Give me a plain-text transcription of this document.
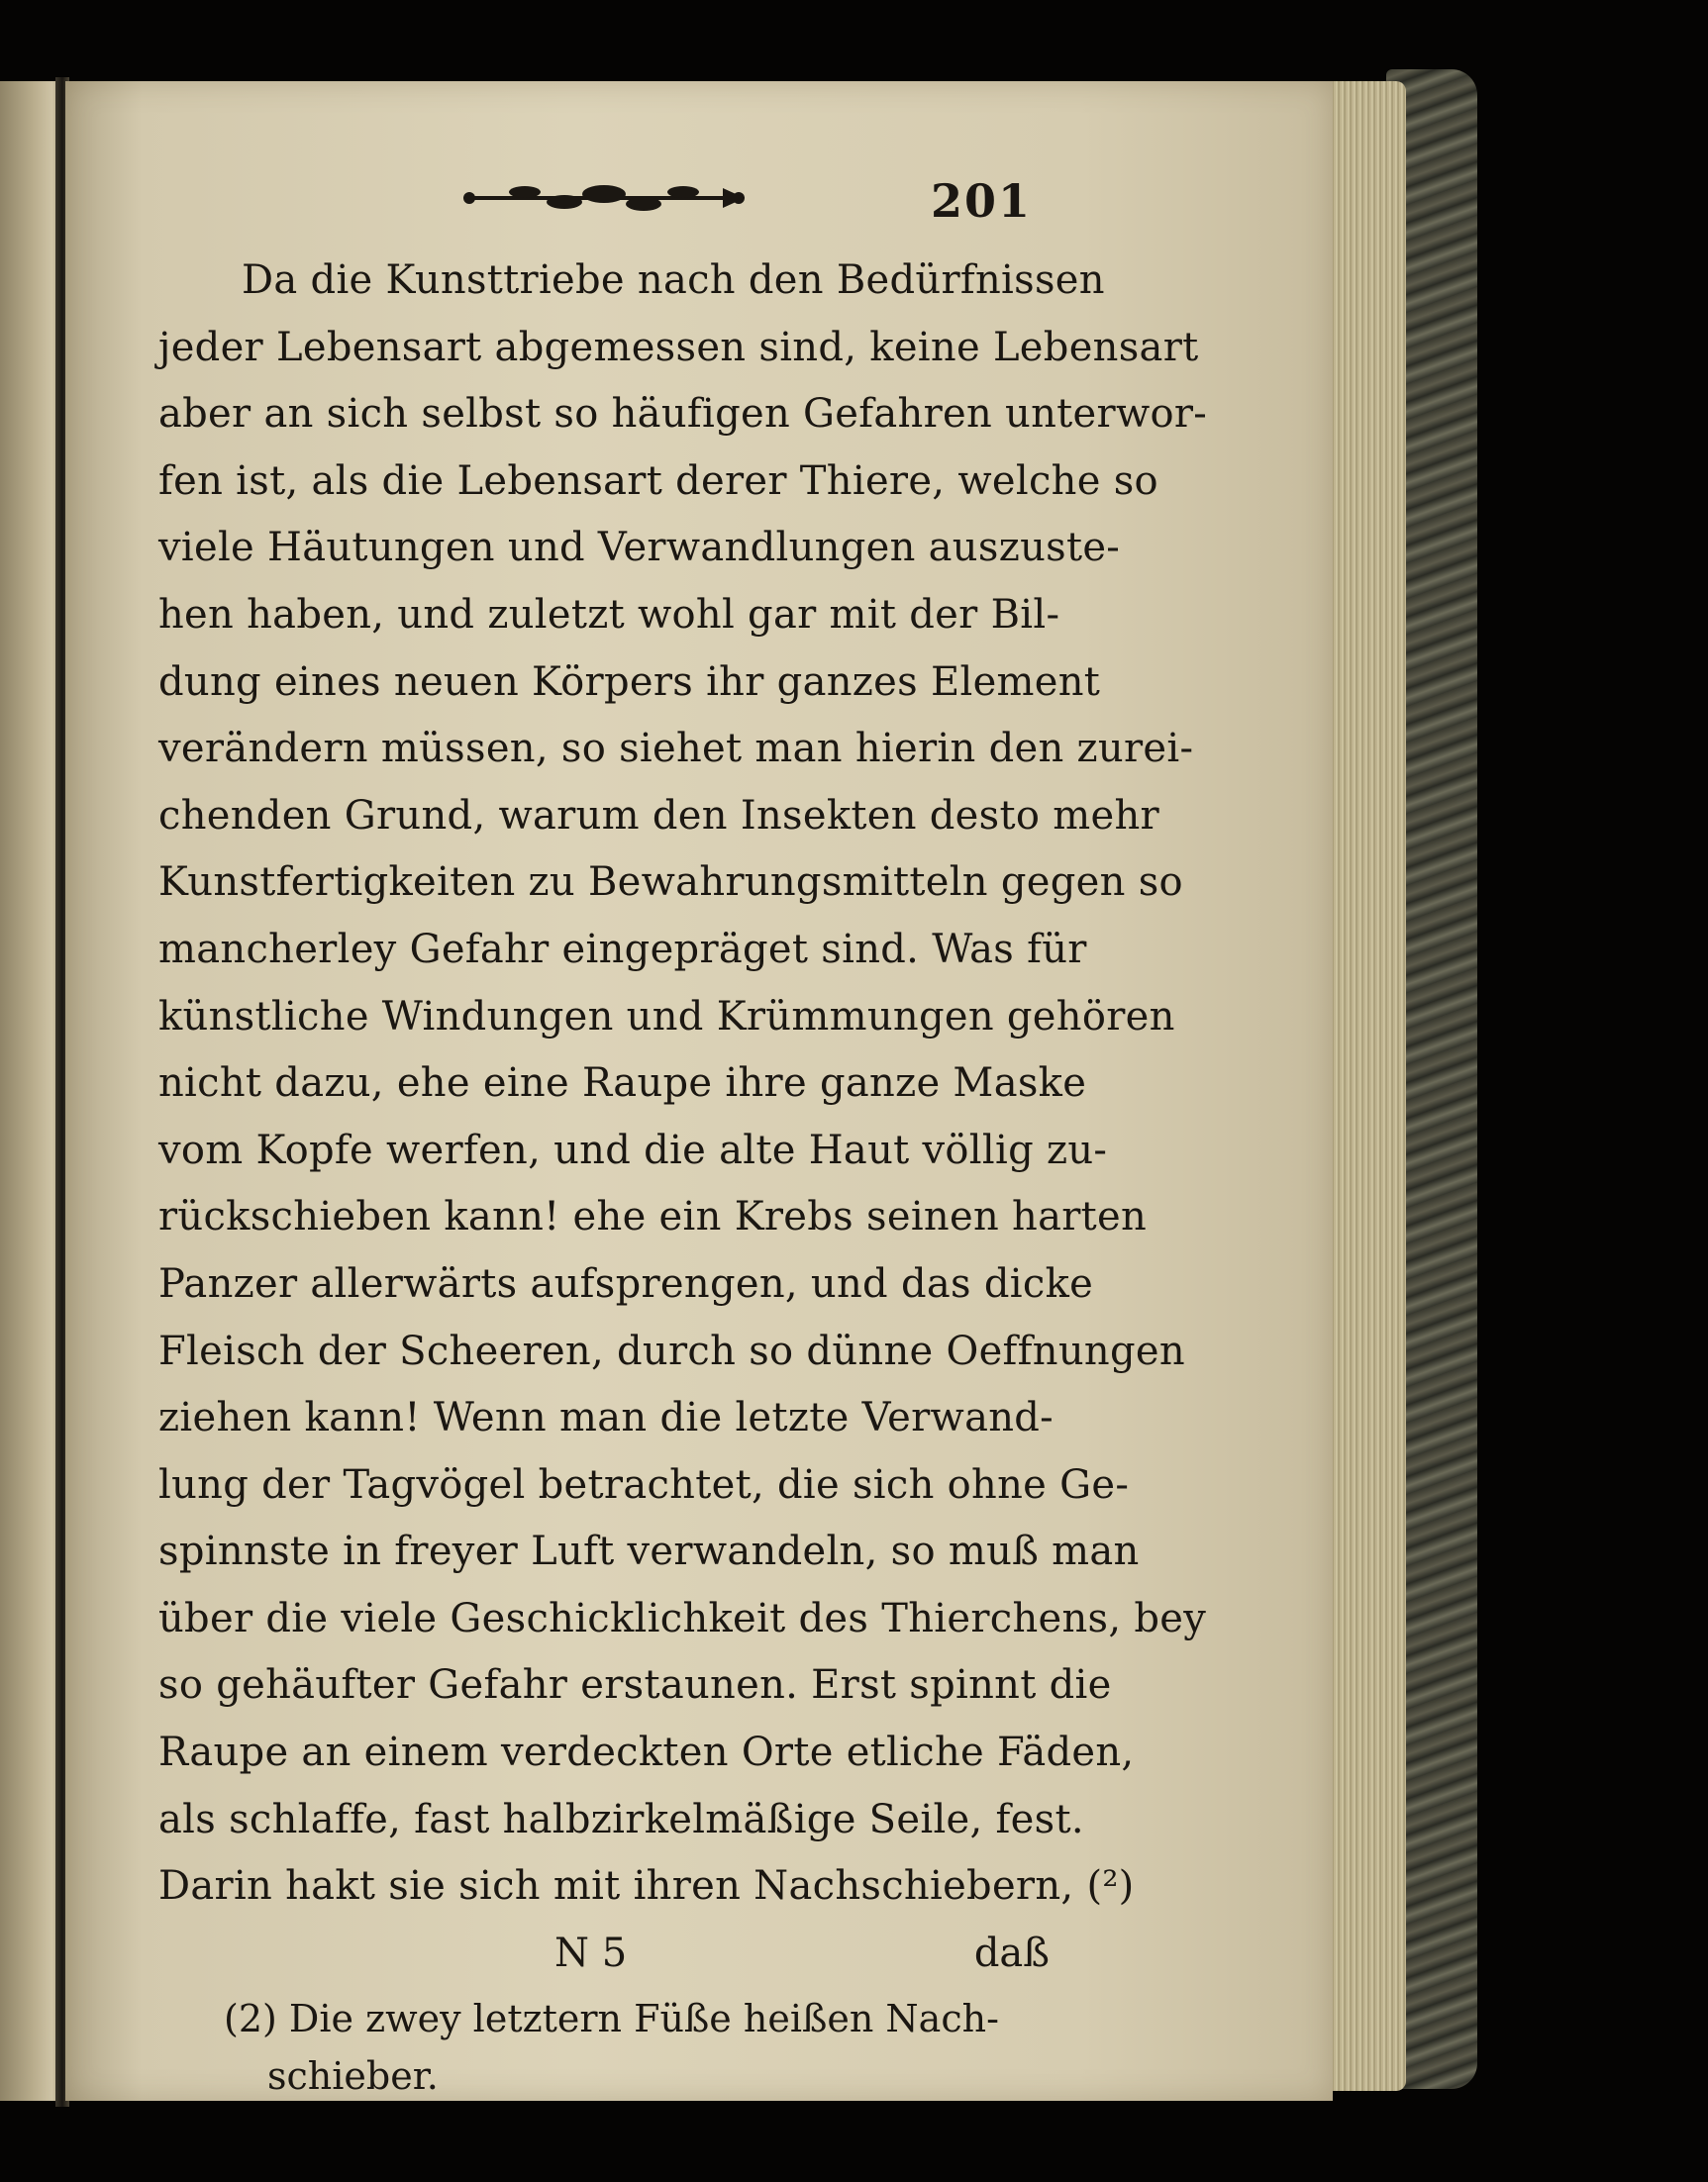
201
Da die Kunsttriebe nach den Bedürfnissen
jeder Lebensart abgemessen sind, keine Lebensart
aber an sich selbst so häufigen Gefahren unterwor-
fen ist, als die Lebensart derer Thiere, welche so
viele Häutungen und Verwandlungen auszuste-
hen haben, und zuletzt wohl gar mit der Bil-
dung eines neuen Körpers ihr ganzes Element
verändern müssen, so siehet man hierin den zurei-
chenden Grund, warum den Insekten desto mehr
Kunstfertigkeiten zu Bewahrungsmitteln gegen so
mancherley Gefahr eingepräget sind. Was für
künstliche Windungen und Krümmungen gehören
nicht dazu, ehe eine Raupe ihre ganze Maske
vom Kopfe werfen, und die alte Haut völlig zu-
rückschieben kann! ehe ein Krebs seinen harten
Panzer allerwärts aufsprengen, und das dicke
Fleisch der Scheeren, durch so dünne Oeffnungen
ziehen kann! Wenn man die letzte Verwand-
lung der Tagvögel betrachtet, die sich ohne Ge-
spinnste in freyer Luft verwandeln, so muß man
über die viele Geschicklichkeit des Thierchens, bey
so gehäufter Gefahr erstaunen. Erst spinnt die
Raupe an einem verdeckten Orte etliche Fäden,
als schlaffe, fast halbzirkelmäßige Seile, fest.
Darin hakt sie sich mit ihren Nachschiebern, (²)
N 5	daß
(2) Die zwey letztern Füße heißen Nach-
schieber.
